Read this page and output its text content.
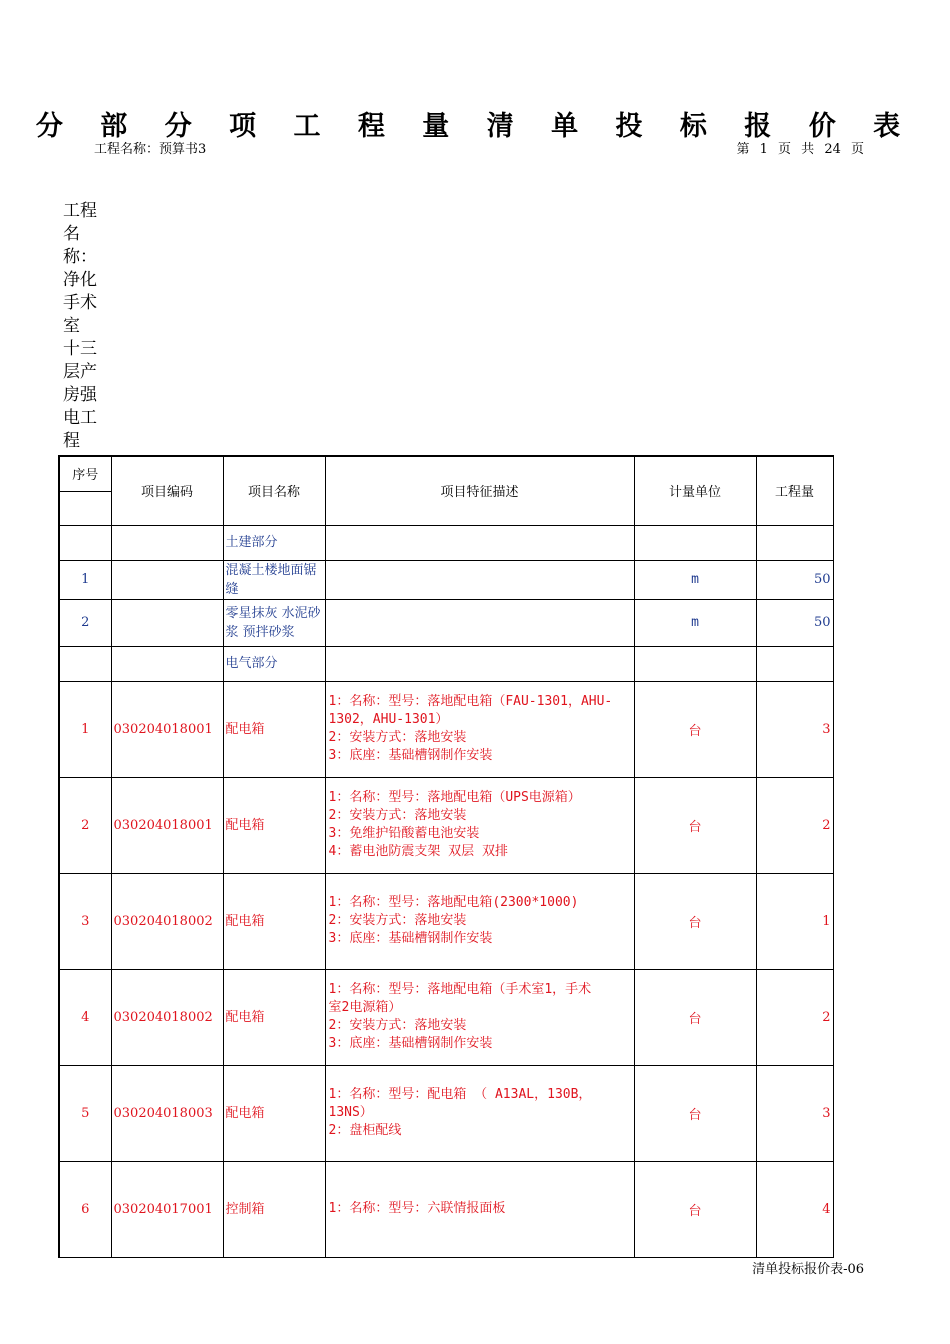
分 部 分 项 工 程 量 清 单 投 标 报 价 表
工程名称：预算书3	第 1 页 共 24 页
工程
名
称：
净化
手术
室
十三
层产
房强
电工
程
序号	项目编码	项目名称	项目特征描述	计量单位	工程量

		土建部分			
1		混凝土楼地面锯缝		m	50
2		零星抹灰 水泥砂浆 预拌砂浆		m	50
		电气部分			
1	030204018001	配电箱	1：名称：型号：落地配电箱（FAU-1301，AHU-
1302，AHU-1301）
2：安装方式：落地安装
3：底座：基础槽钢制作安装	台	3
2	030204018001	配电箱	1：名称：型号：落地配电箱（UPS电源箱）
2：安装方式：落地安装
3：免维护铅酸蓄电池安装
4：蓄电池防震支架 双层 双排	台	2
3	030204018002	配电箱	1：名称：型号：落地配电箱(2300*1000)
2：安装方式：落地安装
3：底座：基础槽钢制作安装	台	1
4	030204018002	配电箱	1：名称：型号：落地配电箱（手术室1，手术
室2电源箱）
2：安装方式：落地安装
3：底座：基础槽钢制作安装	台	2
5	030204018003	配电箱	1：名称：型号：配电箱 （ A13AL，130B，
13NS）
2：盘柜配线	台	3
6	030204017001	控制箱	1：名称：型号：六联情报面板	台	4
清单投标报价表-06
